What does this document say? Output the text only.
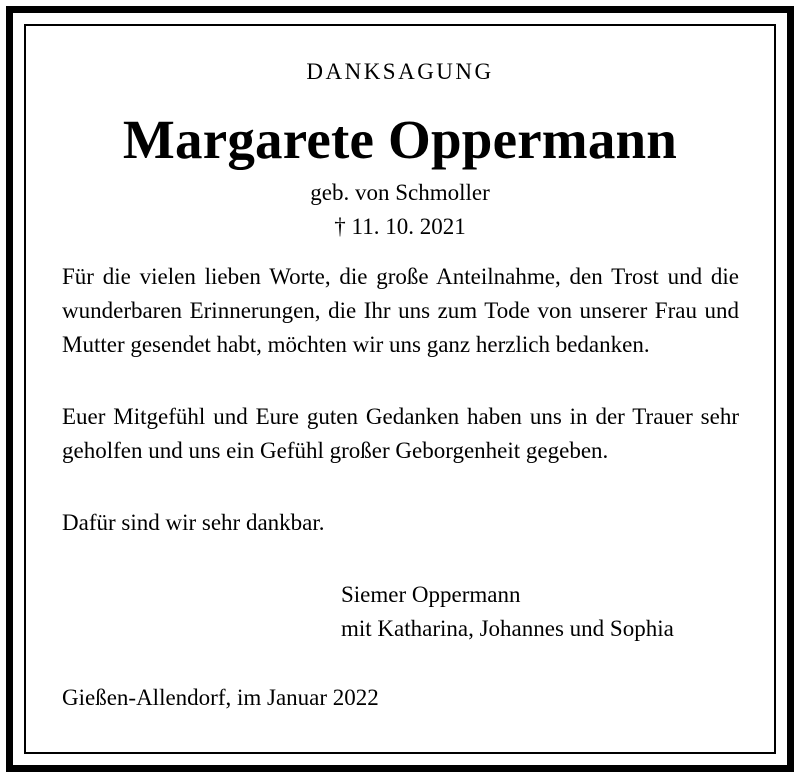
DANKSAGUNG
Margarete Oppermann
geb. von Schmoller
† 11. 10. 2021
Für die vielen lieben Worte, die große Anteilnahme, den Trost und die wunderbaren Erinnerungen, die Ihr uns zum Tode von unserer Frau und Mutter gesendet habt, möchten wir uns ganz herzlich bedanken.
Euer Mitgefühl und Eure guten Gedanken haben uns in der Trauer sehr geholfen und uns ein Gefühl großer Geborgenheit gegeben.
Dafür sind wir sehr dankbar.
Siemer Oppermann
mit Katharina, Johannes und Sophia
Gießen-Allendorf, im Januar 2022
